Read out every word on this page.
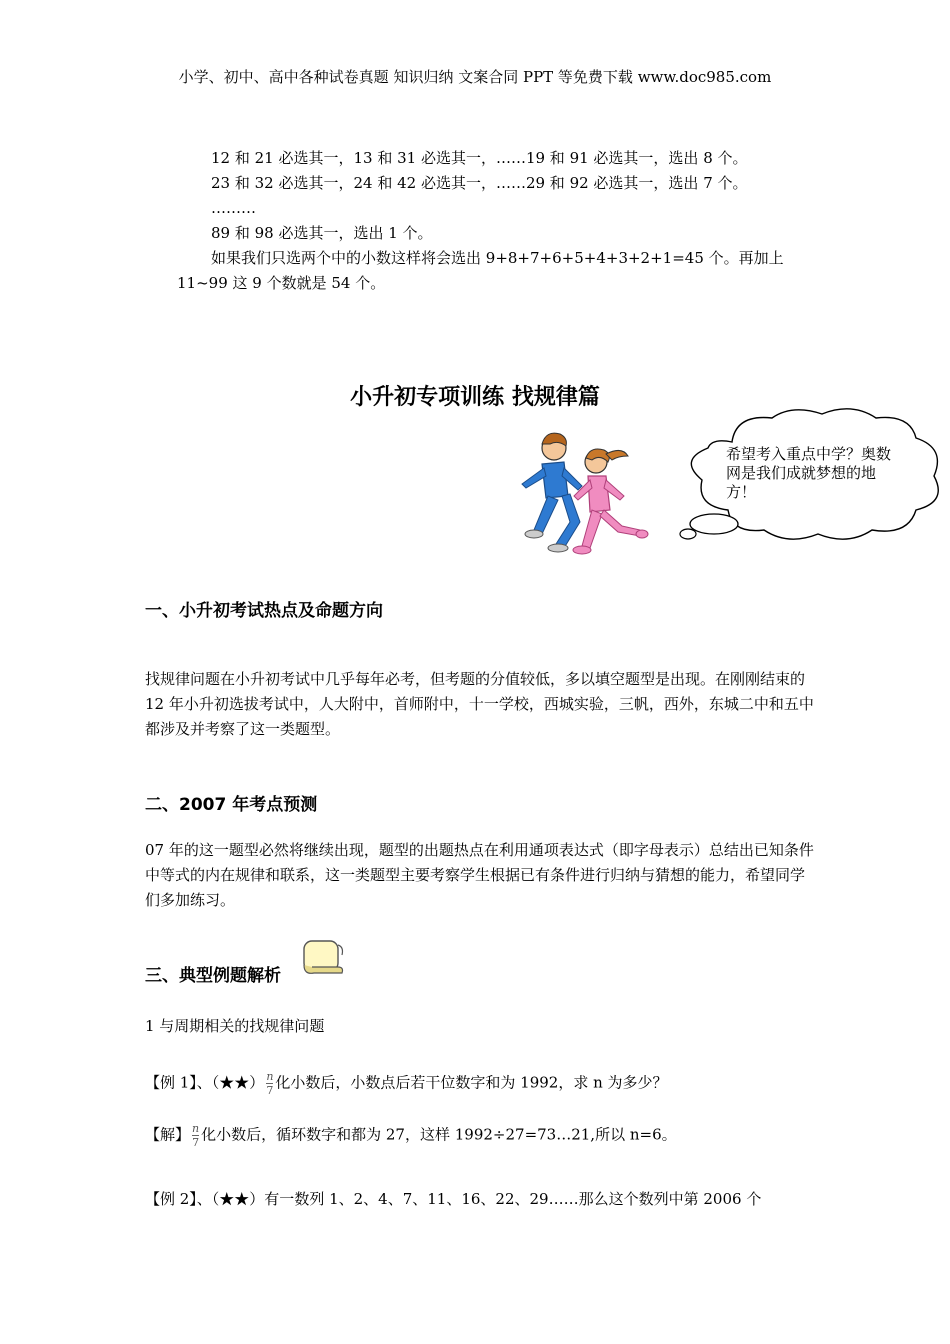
小学、初中、高中各种试卷真题 知识归纳 文案合同 PPT 等免费下载 www.doc985.com
12 和 21 必选其一，13 和 31 必选其一，……19 和 91 必选其一，选出 8 个。
23 和 32 必选其一，24 和 42 必选其一，……29 和 92 必选其一，选出 7 个。
………
89 和 98 必选其一，选出 1 个。
如果我们只选两个中的小数这样将会选出 9+8+7+6+5+4+3+2+1=45 个。再加上
11~99 这 9 个数就是 54 个。
小升初专项训练 找规律篇
希望考入重点中学？奥数网是我们成就梦想的地方！
一、小升初考试热点及命题方向
找规律问题在小升初考试中几乎每年必考，但考题的分值较低，多以填空题型是出现。在刚刚结束的 12 年小升初选拔考试中，人大附中，首师附中，十一学校，西城实验，三帆，西外，东城二中和五中都涉及并考察了这一类题型。
二、2007 年考点预测
07 年的这一题型必然将继续出现，题型的出题热点在利用通项表达式（即字母表示）总结出已知条件中等式的内在规律和联系，这一类题型主要考察学生根据已有条件进行归纳与猜想的能力，希望同学们多加练习。
三、典型例题解析
1 与周期相关的找规律问题
【例 1】、（★★） $\frac{n}{7}$ 化小数后，小数点后若干位数字和为 1992，求 n 为多少？
【解】 $\frac{n}{7}$ 化小数后，循环数字和都为 27，这样 1992÷27=73…21,所以 n=6。
【例 2】、（★★）有一数列 1、2、4、7、11、16、22、29……那么这个数列中第 2006 个
